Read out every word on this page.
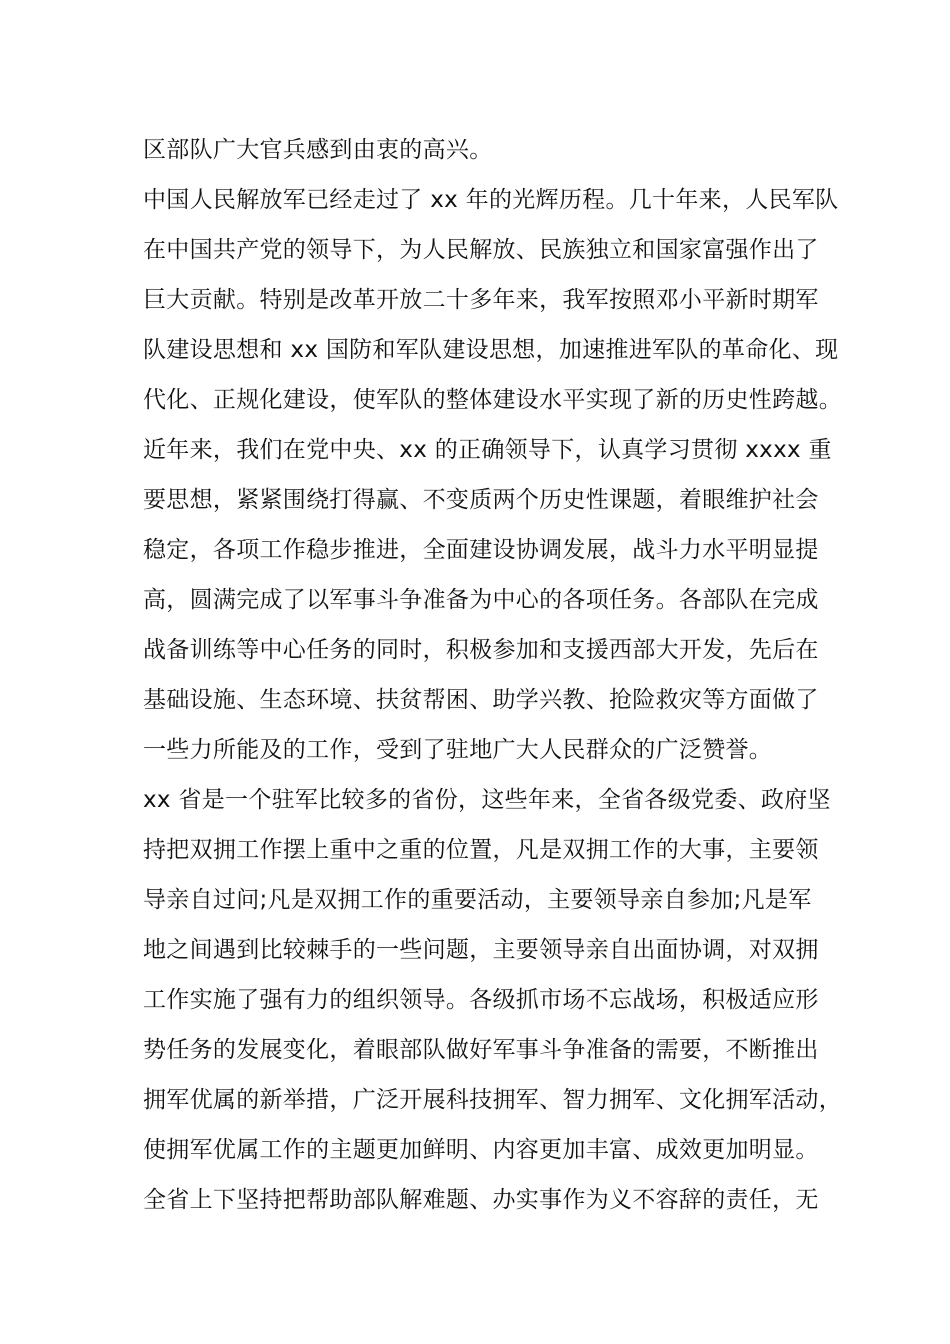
区部队广大官兵感到由衷的高兴。
中国人民解放军已经走过了 xx 年的光辉历程。几十年来，人民军队
在中国共产党的领导下，为人民解放、民族独立和国家富强作出了
巨大贡献。特别是改革开放二十多年来，我军按照邓小平新时期军
队建设思想和 xx 国防和军队建设思想，加速推进军队的革命化、现
代化、正规化建设，使军队的整体建设水平实现了新的历史性跨越。
近年来，我们在党中央、xx 的正确领导下，认真学习贯彻 xxxx 重
要思想，紧紧围绕打得赢、不变质两个历史性课题，着眼维护社会
稳定，各项工作稳步推进，全面建设协调发展，战斗力水平明显提
高，圆满完成了以军事斗争准备为中心的各项任务。各部队在完成
战备训练等中心任务的同时，积极参加和支援西部大开发，先后在
基础设施、生态环境、扶贫帮困、助学兴教、抢险救灾等方面做了
一些力所能及的工作，受到了驻地广大人民群众的广泛赞誉。
xx 省是一个驻军比较多的省份，这些年来，全省各级党委、政府坚
持把双拥工作摆上重中之重的位置，凡是双拥工作的大事，主要领
导亲自过问;凡是双拥工作的重要活动，主要领导亲自参加;凡是军
地之间遇到比较棘手的一些问题，主要领导亲自出面协调，对双拥
工作实施了强有力的组织领导。各级抓市场不忘战场，积极适应形
势任务的发展变化，着眼部队做好军事斗争准备的需要，不断推出
拥军优属的新举措，广泛开展科技拥军、智力拥军、文化拥军活动，
使拥军优属工作的主题更加鲜明、内容更加丰富、成效更加明显。
全省上下坚持把帮助部队解难题、办实事作为义不容辞的责任，无
